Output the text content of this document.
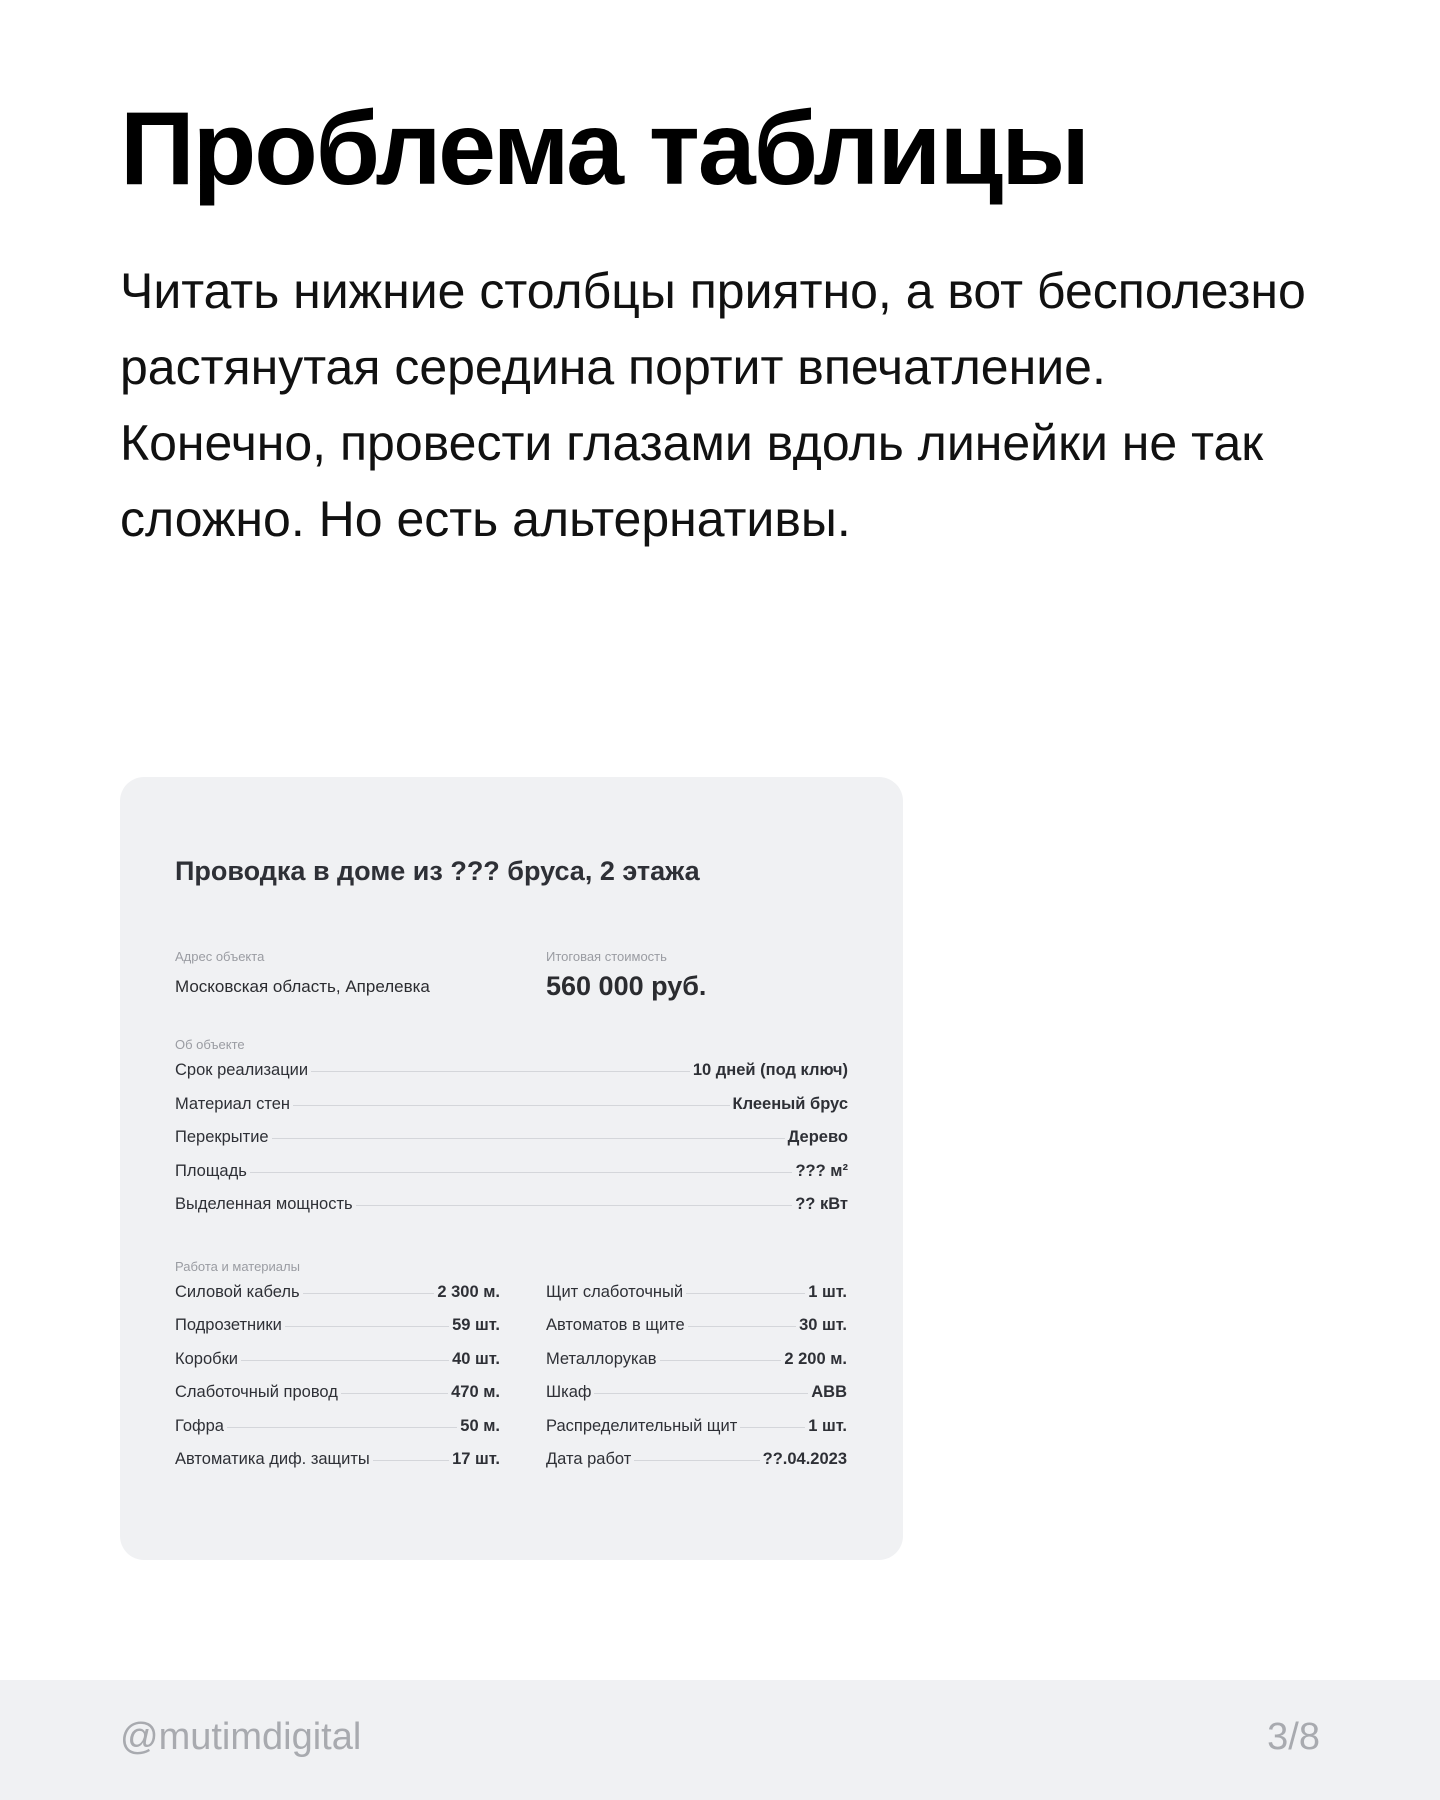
Проблема таблицы

Читать нижние столбцы приятно, а вот бесполезно растянутая середина портит впечатление. Конечно, провести глазами вдоль линейки не так сложно. Но есть альтернативы.

Проводка в доме из ??? бруса, 2 этажа
Адрес объекта
Московская область, Апрелевка
Итоговая стоимость
560 000 руб.
Об объекте
Срок реализации	10 дней (под ключ)
Материал стен	Клееный брус
Перекрытие	Дерево
Площадь	??? м²
Выделенная мощность	?? кВт
Работа и материалы
Силовой кабель	2 300 м.
Подрозетники	59 шт.
Коробки	40 шт.
Слаботочный провод	470 м.
Гофра	50 м.
Автоматика диф. защиты	17 шт.
Щит слаботочный	1 шт.
Автоматов в щите	30 шт.
Металлорукав	2 200 м.
Шкаф	ABB
Распределительный щит	1 шт.
Дата работ	??.04.2023
@mutimdigital	3/8
